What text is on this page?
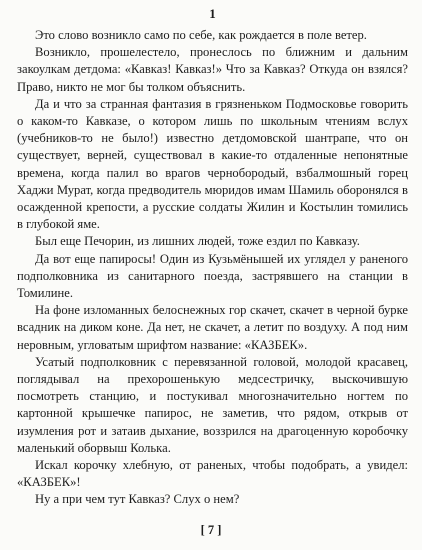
1

Это слово возникло само по себе, как рождается в поле ветер.

Возникло, прошелестело, пронеслось по ближним и дальним закоулкам детдома: «Кавказ! Кавказ!» Что за Кавказ? Откуда он взялся? Право, никто не мог бы толком объяснить.

Да и что за странная фантазия в грязненьком Подмосковье говорить о каком-то Кавказе, о котором лишь по школьным чтениям вслух (учебников-то не было!) известно детдомовской шантрапе, что он существует, верней, существовал в какие-то отдаленные непонятные времена, когда палил во врагов чернобородый, взбалмошный горец Хаджи Мурат, когда предводитель мюридов имам Шамиль оборонялся в осажденной крепости, а русские солдаты Жилин и Костылин томились в глубокой яме.

Был еще Печорин, из лишних людей, тоже ездил по Кавказу.

Да вот еще папиросы! Один из Кузьмёнышей их углядел у раненого подполковника из санитарного поезда, застрявшего на станции в Томилине.

На фоне изломанных белоснежных гор скачет, скачет в черной бурке всадник на диком коне. Да нет, не скачет, а летит по воздуху. А под ним неровным, угловатым шрифтом название: «КАЗБЕК».

Усатый подполковник с перевязанной головой, молодой красавец, поглядывал на прехорошенькую медсестричку, выскочившую посмотреть станцию, и постукивал многозначительно ногтем по картонной крышечке папирос, не заметив, что рядом, открыв от изумления рот и затаив дыхание, воззрился на драгоценную коробочку маленький оборвыш Колька.

Искал корочку хлебную, от раненых, чтобы подобрать, а увидел: «КАЗБЕК»!

Ну а при чем тут Кавказ? Слух о нем?

[ 7 ]
